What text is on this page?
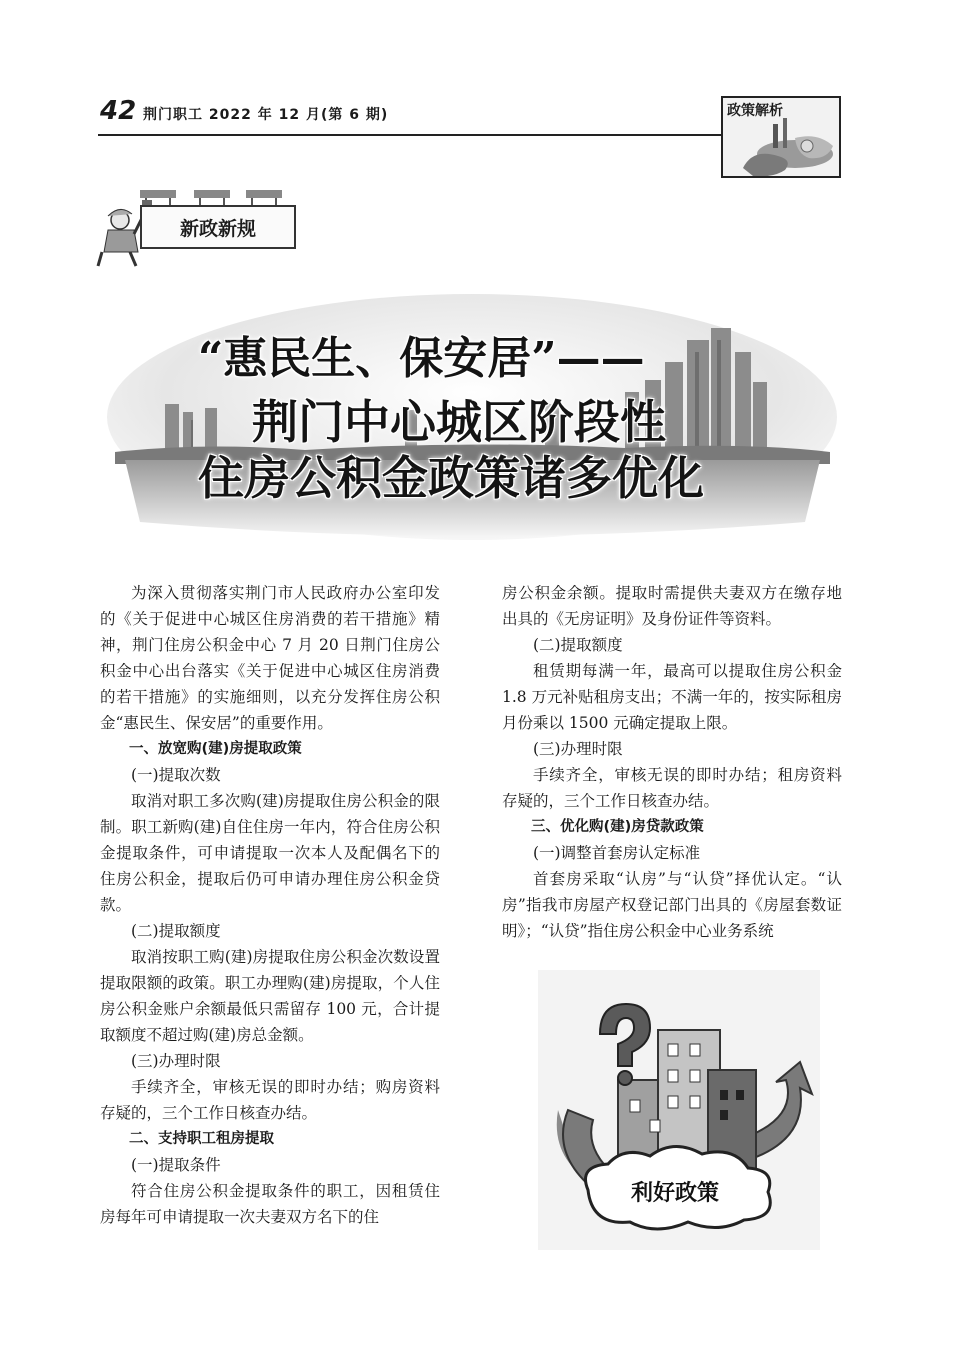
42 荆门职工 2022 年 12 月(第 6 期)	政策解析
新政新规
“惠民生、保安居”——
荆门中心城区阶段性
住房公积金政策诸多优化

为深入贯彻落实荆门市人民政府办公室印发的《关于促进中心城区住房消费的若干措施》精神，荆门住房公积金中心 7 月 20 日荆门住房公积金中心出台落实《关于促进中心城区住房消费的若干措施》的实施细则，以充分发挥住房公积金“惠民生、保安居”的重要作用。

一、放宽购(建)房提取政策

(一)提取次数

取消对职工多次购(建)房提取住房公积金的限制。职工新购(建)自住住房一年内，符合住房公积金提取条件，可申请提取一次本人及配偶名下的住房公积金，提取后仍可申请办理住房公积金贷款。

(二)提取额度

取消按职工购(建)房提取住房公积金次数设置提取限额的政策。职工办理购(建)房提取，个人住房公积金账户余额最低只需留存 100 元，合计提取额度不超过购(建)房总金额。

(三)办理时限

手续齐全，审核无误的即时办结；购房资料存疑的，三个工作日核查办结。

二、支持职工租房提取

(一)提取条件

符合住房公积金提取条件的职工，因租赁住房每年可申请提取一次夫妻双方名下的住

房公积金余额。提取时需提供夫妻双方在缴存地出具的《无房证明》及身份证件等资料。

(二)提取额度

租赁期每满一年，最高可以提取住房公积金 1.8 万元补贴租房支出；不满一年的，按实际租房月份乘以 1500 元确定提取上限。

(三)办理时限

手续齐全，审核无误的即时办结；租房资料存疑的，三个工作日核查办结。

三、优化购(建)房贷款政策

(一)调整首套房认定标准

首套房采取“认房”与“认贷”择优认定。“认房”指我市房屋产权登记部门出具的《房屋套数证明》；“认贷”指住房公积金中心业务系统

利好政策
